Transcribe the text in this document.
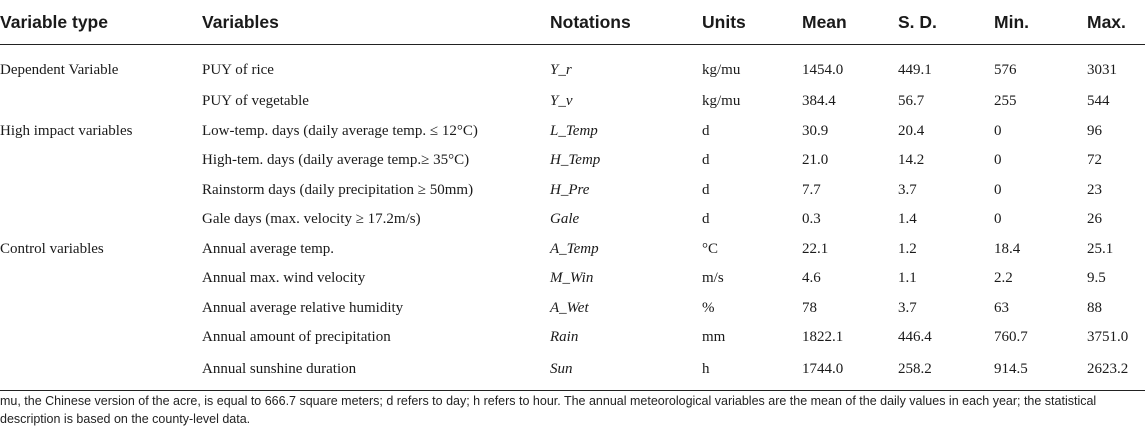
Variable type	Variables	Notations	Units	Mean	S. D.	Min.	Max.
Dependent Variable	PUY of rice	Y_r	kg/mu	1454.0	449.1	576	3031
	PUY of vegetable	Y_v	kg/mu	384.4	56.7	255	544
High impact variables	Low-temp. days (daily average temp. ≤ 12°C)	L_Temp	d	30.9	20.4	0	96
	High-tem. days (daily average temp.≥ 35°C)	H_Temp	d	21.0	14.2	0	72
	Rainstorm days (daily precipitation ≥ 50mm)	H_Pre	d	7.7	3.7	0	23
	Gale days (max. velocity ≥ 17.2m/s)	Gale	d	0.3	1.4	0	26
Control variables	Annual average temp.	A_Temp	°C	22.1	1.2	18.4	25.1
	Annual max. wind velocity	M_Win	m/s	4.6	1.1	2.2	9.5
	Annual average relative humidity	A_Wet	%	78	3.7	63	88
	Annual amount of precipitation	Rain	mm	1822.1	446.4	760.7	3751.0
	Annual sunshine duration	Sun	h	1744.0	258.2	914.5	2623.2
mu, the Chinese version of the acre, is equal to 666.7 square meters; d refers to day; h refers to hour. The annual meteorological variables are the mean of the daily values in each year; the statistical description is based on the county-level data.
